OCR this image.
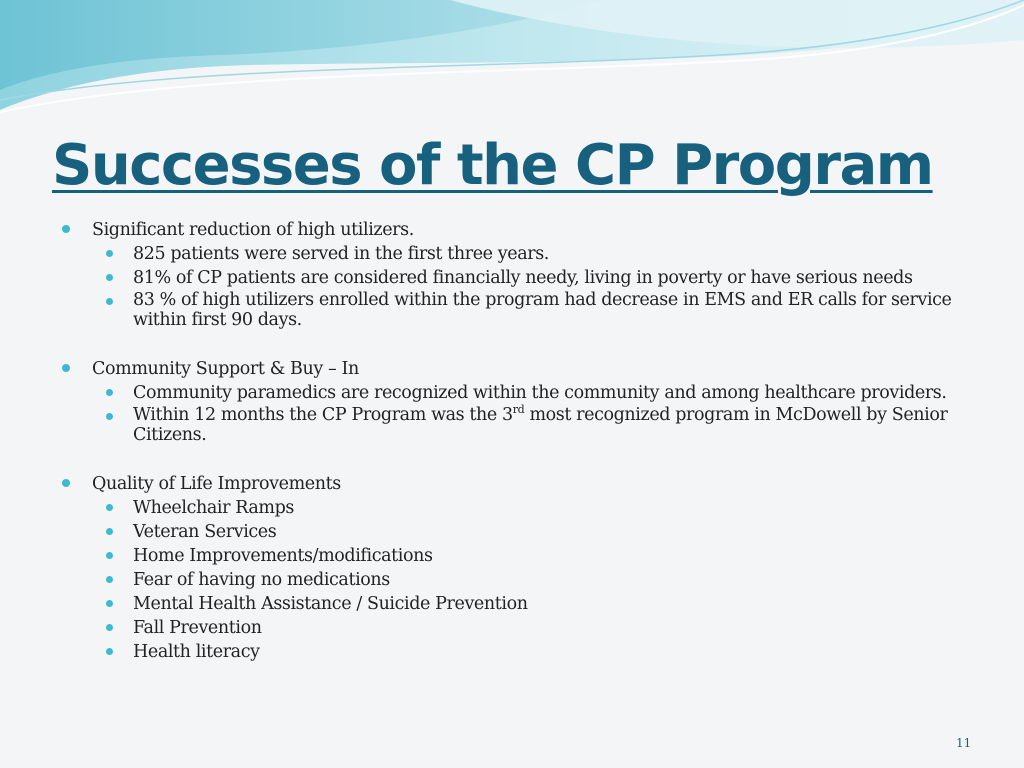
Successes of the CP Program
Significant reduction of high utilizers.
825 patients were served in the first three years.
81% of CP patients are considered financially needy, living in poverty or have serious needs
83 % of high utilizers enrolled within the program had decrease in EMS and ER calls for service within first 90 days.
Community Support & Buy – In
Community paramedics are recognized within the community and among healthcare providers.
Within 12 months the CP Program was the 3rd most recognized program in McDowell by Senior Citizens.
Quality of Life Improvements
Wheelchair Ramps
Veteran Services
Home Improvements/modifications
Fear of having no medications
Mental Health Assistance / Suicide Prevention
Fall Prevention
Health literacy
11
